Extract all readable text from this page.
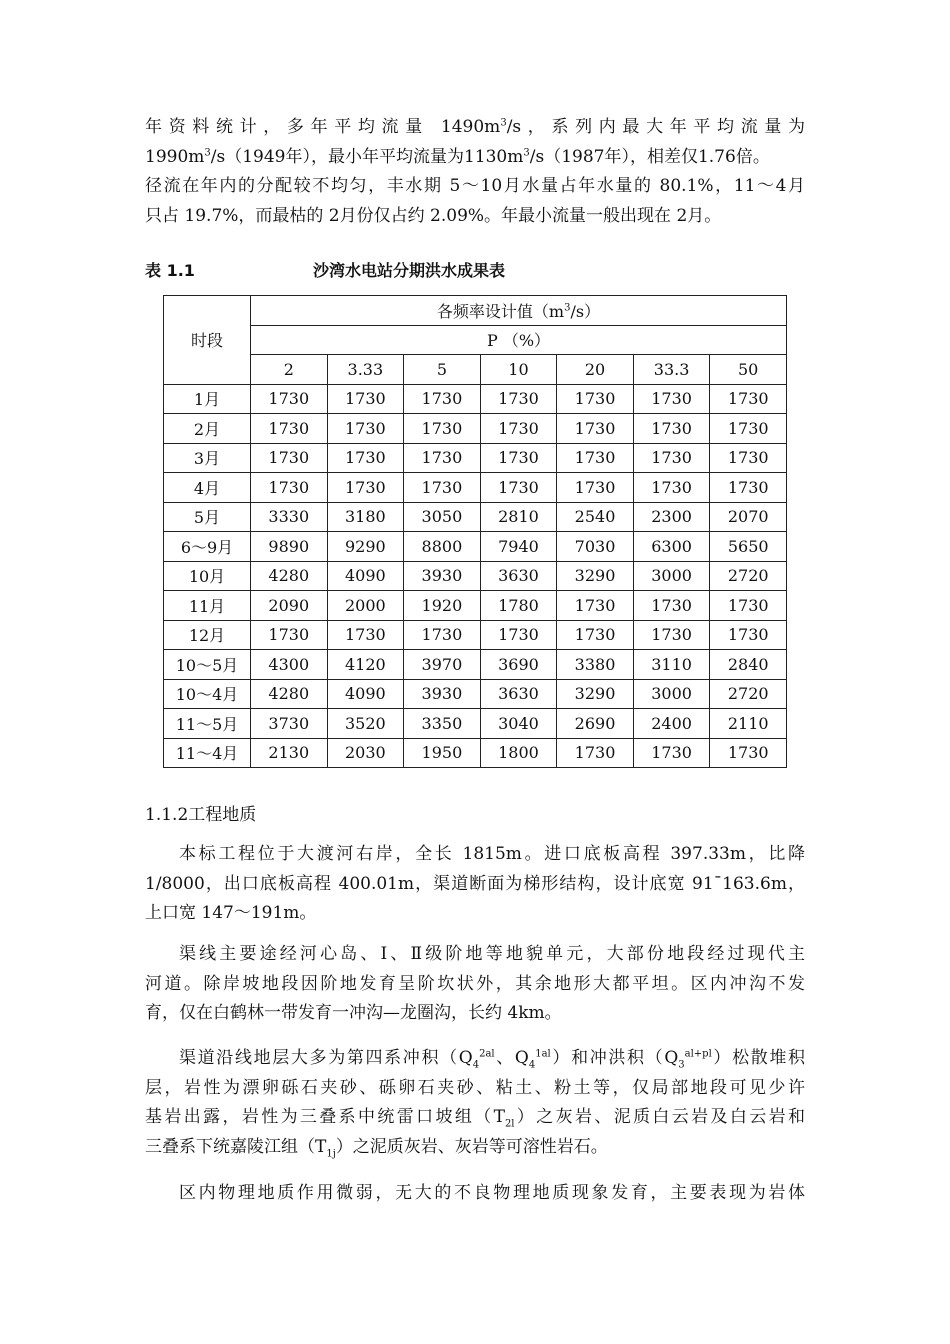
年资料统计，多年平均流量 $1490m^3/s$，系列内最大年平均流量为
$1990m^3/s(1949$年），最小年平均流量为$1130m^3/s(1987$年），相差仅1.76倍。
径流在年内的分配较不均匀，丰水期 5～10月水量占年水量的 80.1%，11～4月
只占 19.7%，而最枯的 2月份仅占约 2.09%。年最小流量一般出现在 2月。
表 1.1	沙湾水电站分期洪水成果表
时段	各频率设计值$(m^3/s)$						
	P （%）						
	2	3.33	5	10	20	33.3	50
1月	1730	1730	1730	1730	1730	1730	1730
2月	1730	1730	1730	1730	1730	1730	1730
3月	1730	1730	1730	1730	1730	1730	1730
4月	1730	1730	1730	1730	1730	1730	1730
5月	3330	3180	3050	2810	2540	2300	2070
6～9月	9890	9290	8800	7940	7030	6300	5650
10月	4280	4090	3930	3630	3290	3000	2720
11月	2090	2000	1920	1780	1730	1730	1730
12月	1730	1730	1730	1730	1730	1730	1730
10～5月	4300	4120	3970	3690	3380	3110	2840
10～4月	4280	4090	3930	3630	3290	3000	2720
11～5月	3730	3520	3350	3040	2690	2400	2110
11～4月	2130	2030	1950	1800	1730	1730	1730
1.1.2工程地质
本标工程位于大渡河右岸，全长 1815m。进口底板高程 397.33m，比降
1/8000，出口底板高程 400.01m，渠道断面为梯形结构，设计底宽 91¯163.6m，
上口宽 147～191m。
渠线主要途经河心岛、Ⅰ、Ⅱ级阶地等地貌单元，大部份地段经过现代主
河道。除岸坡地段因阶地发育呈阶坎状外，其余地形大都平坦。区内冲沟不发
育，仅在白鹤林一带发育一冲沟—龙圈沟，长约 4km。
渠道沿线地层大多为第四系冲积（$Q_4^{2al}$、$Q_4^{1al}$）和冲洪积$(Q_3^{al+pl})$松散堆积
层，岩性为漂卵砾石夹砂、砾卵石夹砂、粘土、粉土等，仅局部地段可见少许
基岩出露，岩性为三叠系中统雷口坡组$(T_{2l})$之灰岩、泥质白云岩及白云岩和
三叠系下统嘉陵江组$(T_{1j})$之泥质灰岩、灰岩等可溶性岩石。
区内物理地质作用微弱，无大的不良物理地质现象发育，主要表现为岩体
